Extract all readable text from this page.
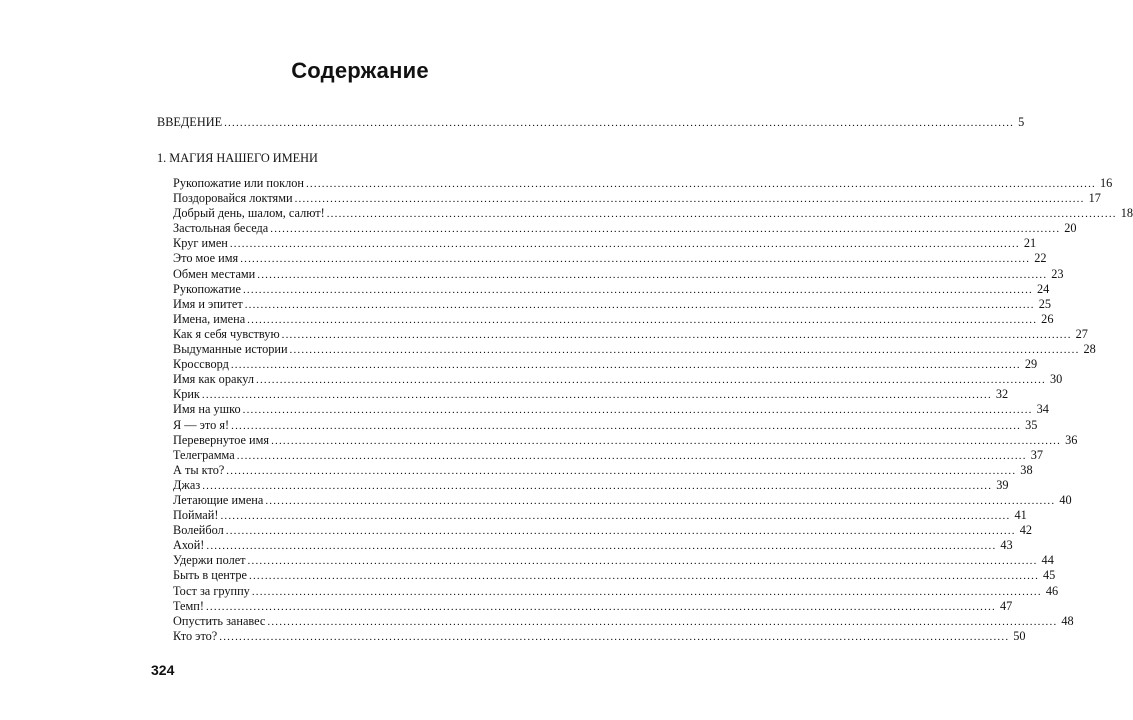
Содержание
ВВЕДЕНИЕ ........................................................................................................................................................................................................ 5
1. МАГИЯ НАШЕГО ИМЕНИ
Рукопожатие или поклон ........................................................................................................................................................................................................ 16
Поздоровайся локтями ........................................................................................................................................................................................................ 17
Добрый день, шалом, салют! ........................................................................................................................................................................................................ 18
Застольная беседа ........................................................................................................................................................................................................ 20
Круг имен ........................................................................................................................................................................................................ 21
Это мое имя ........................................................................................................................................................................................................ 22
Обмен местами ........................................................................................................................................................................................................ 23
Рукопожатие ........................................................................................................................................................................................................ 24
Имя и эпитет ........................................................................................................................................................................................................ 25
Имена, имена ........................................................................................................................................................................................................ 26
Как я себя чувствую ........................................................................................................................................................................................................ 27
Выдуманные истории ........................................................................................................................................................................................................ 28
Кроссворд ........................................................................................................................................................................................................ 29
Имя как оракул ........................................................................................................................................................................................................ 30
Крик ........................................................................................................................................................................................................ 32
Имя на ушко ........................................................................................................................................................................................................ 34
Я — это я! ........................................................................................................................................................................................................ 35
Перевернутое имя ........................................................................................................................................................................................................ 36
Телеграмма ........................................................................................................................................................................................................ 37
А ты кто? ........................................................................................................................................................................................................ 38
Джаз ........................................................................................................................................................................................................ 39
Летающие имена ........................................................................................................................................................................................................ 40
Поймай! ........................................................................................................................................................................................................ 41
Волейбол ........................................................................................................................................................................................................ 42
Ахой! ........................................................................................................................................................................................................ 43
Удержи полет ........................................................................................................................................................................................................ 44
Быть в центре ........................................................................................................................................................................................................ 45
Тост за группу ........................................................................................................................................................................................................ 46
Темп! ........................................................................................................................................................................................................ 47
Опустить занавес ........................................................................................................................................................................................................ 48
Кто это? ........................................................................................................................................................................................................ 50
324
